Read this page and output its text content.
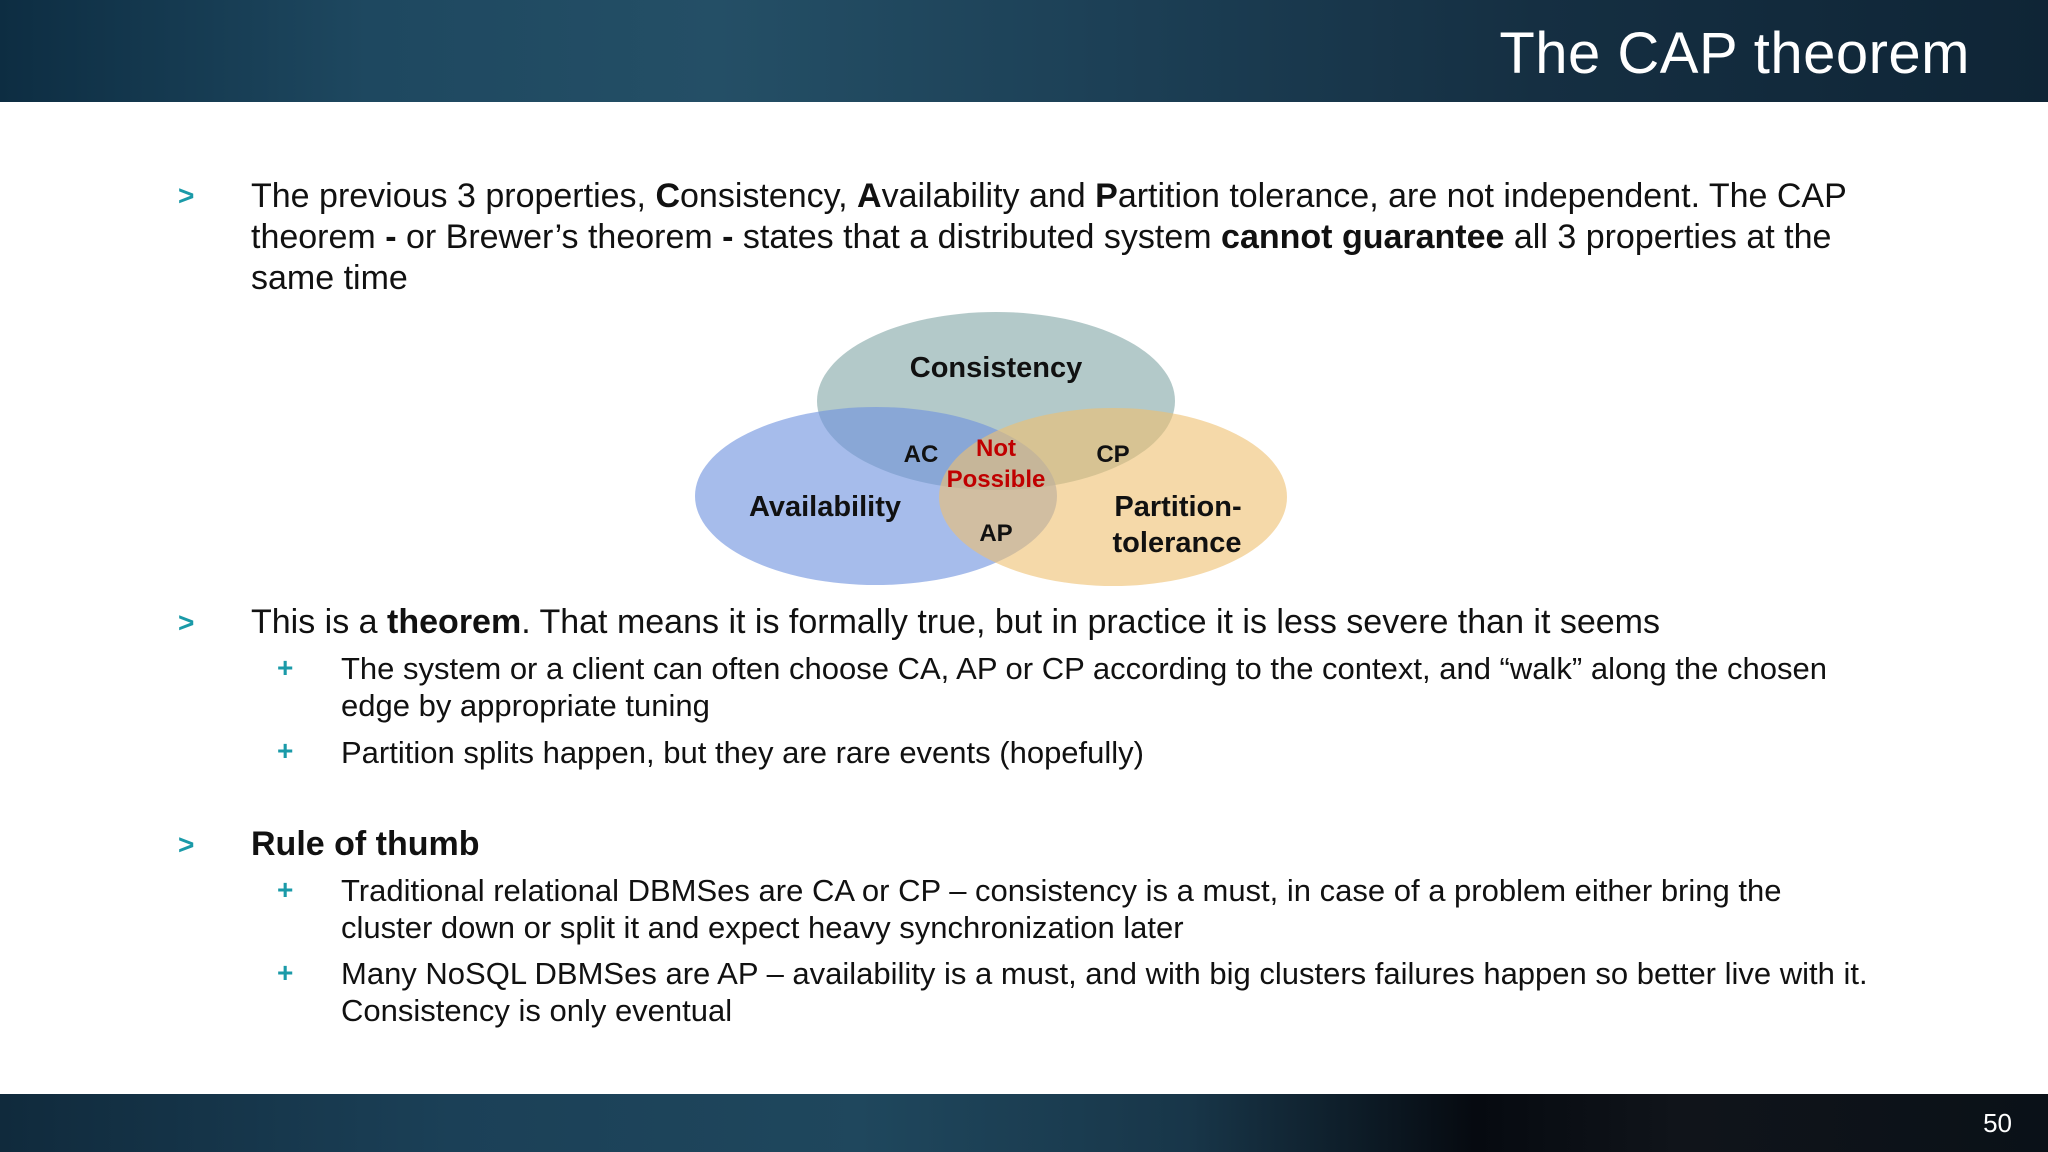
The CAP theorem
> The previous 3 properties, Consistency, Availability and Partition tolerance, are not independent. The CAP theorem - or Brewer’s theorem - states that a distributed system cannot guarantee all 3 properties at the same time
Consistency
Availability	Partition-
tolerance
AC	CP
AP
Not
Possible
> This is a theorem. That means it is formally true, but in practice it is less severe than it seems
+ The system or a client can often choose CA, AP or CP according to the context, and “walk” along the chosen edge by appropriate tuning
+ Partition splits happen, but they are rare events (hopefully)
> Rule of thumb
+ Traditional relational DBMSes are CA or CP – consistency is a must, in case of a problem either bring the cluster down or split it and expect heavy synchronization later
+ Many NoSQL DBMSes are AP – availability is a must, and with big clusters failures happen so better live with it. Consistency is only eventual
50
